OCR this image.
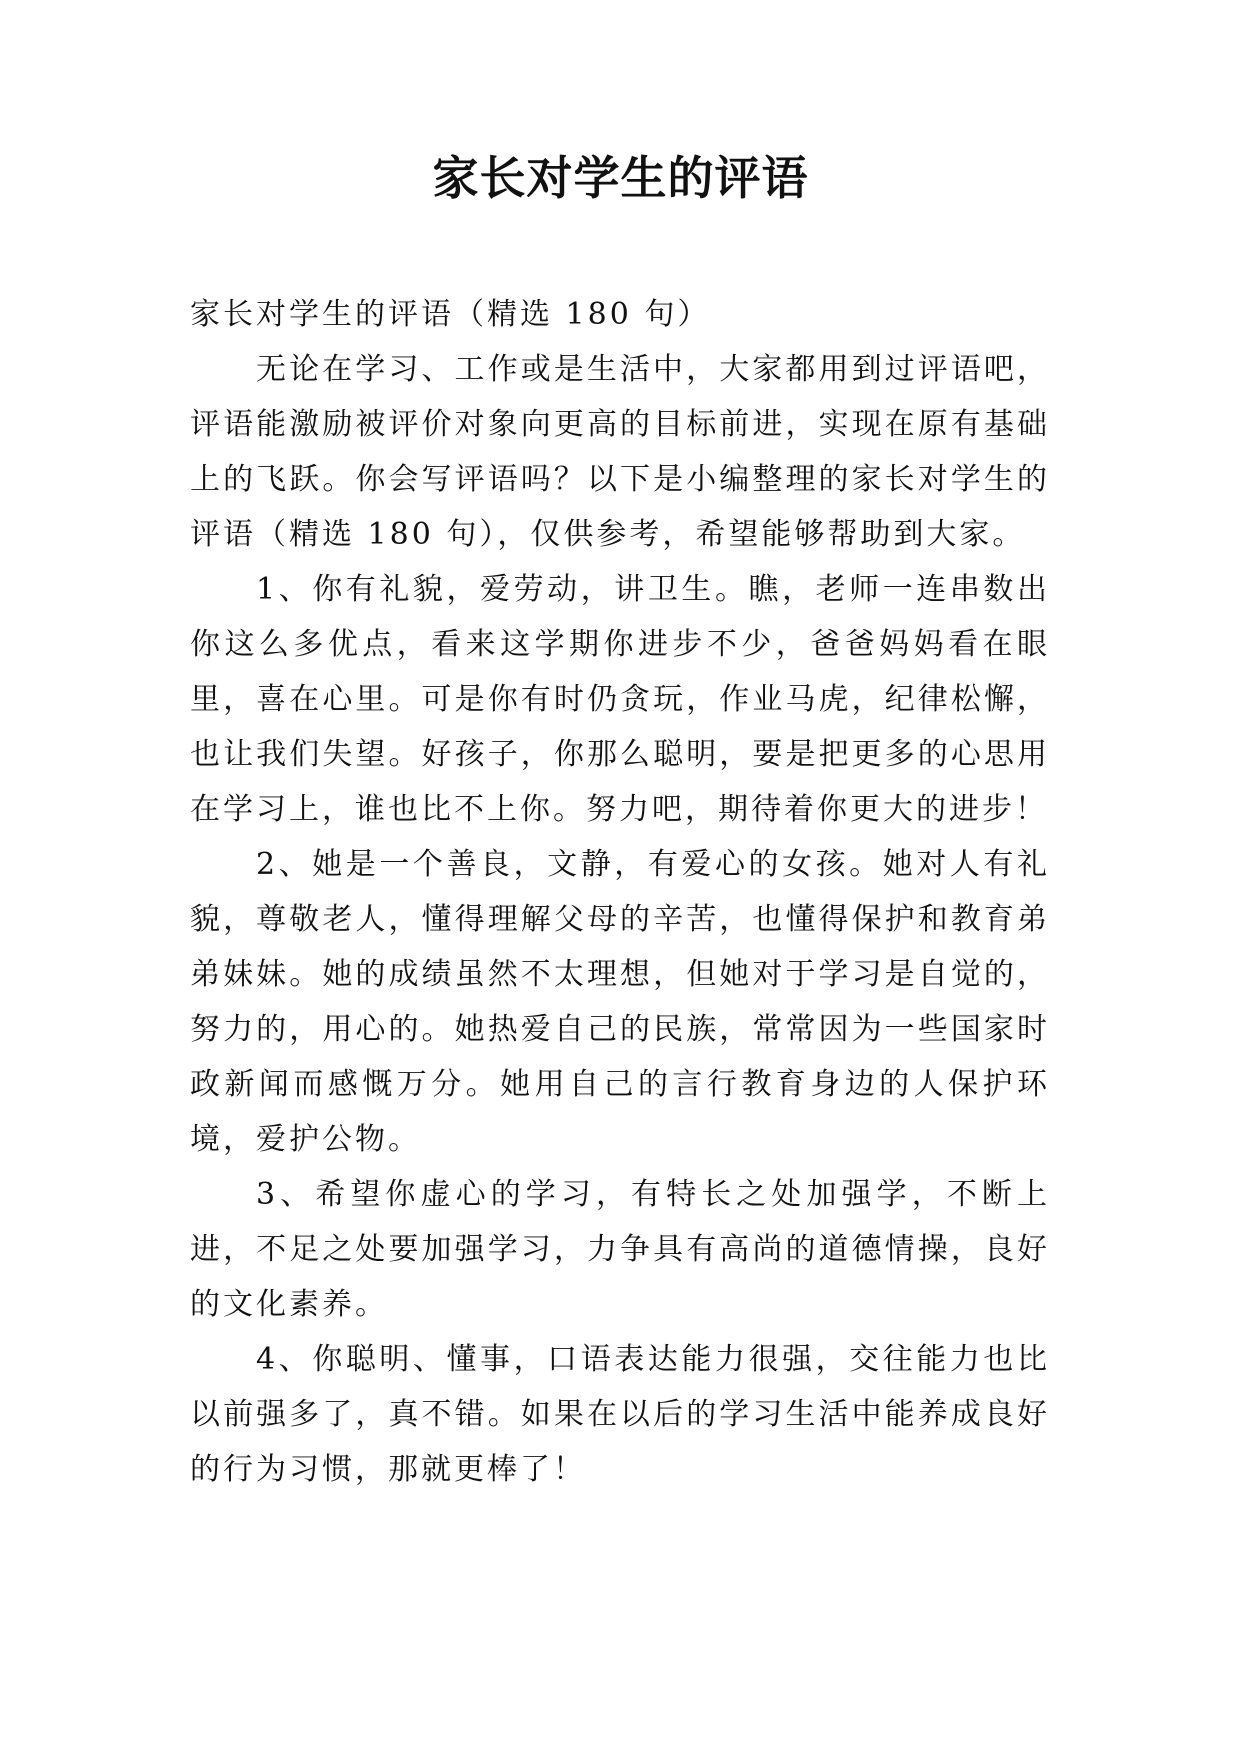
家长对学生的评语

家长对学生的评语（精选 180 句）

无论在学习、工作或是生活中，大家都用到过评语吧，评语能激励被评价对象向更高的目标前进，实现在原有基础上的飞跃。你会写评语吗？以下是小编整理的家长对学生的评语（精选 180 句），仅供参考，希望能够帮助到大家。

1、你有礼貌，爱劳动，讲卫生。瞧，老师一连串数出你这么多优点，看来这学期你进步不少，爸爸妈妈看在眼里，喜在心里。可是你有时仍贪玩，作业马虎，纪律松懈，也让我们失望。好孩子，你那么聪明，要是把更多的心思用在学习上，谁也比不上你。努力吧，期待着你更大的进步！

2、她是一个善良，文静，有爱心的女孩。她对人有礼貌，尊敬老人，懂得理解父母的辛苦，也懂得保护和教育弟弟妹妹。她的成绩虽然不太理想，但她对于学习是自觉的，努力的，用心的。她热爱自己的民族，常常因为一些国家时政新闻而感慨万分。她用自己的言行教育身边的人保护环境，爱护公物。

3、希望你虚心的学习，有特长之处加强学，不断上进，不足之处要加强学习，力争具有高尚的道德情操，良好的文化素养。

4、你聪明、懂事，口语表达能力很强，交往能力也比以前强多了，真不错。如果在以后的学习生活中能养成良好的行为习惯，那就更棒了！
